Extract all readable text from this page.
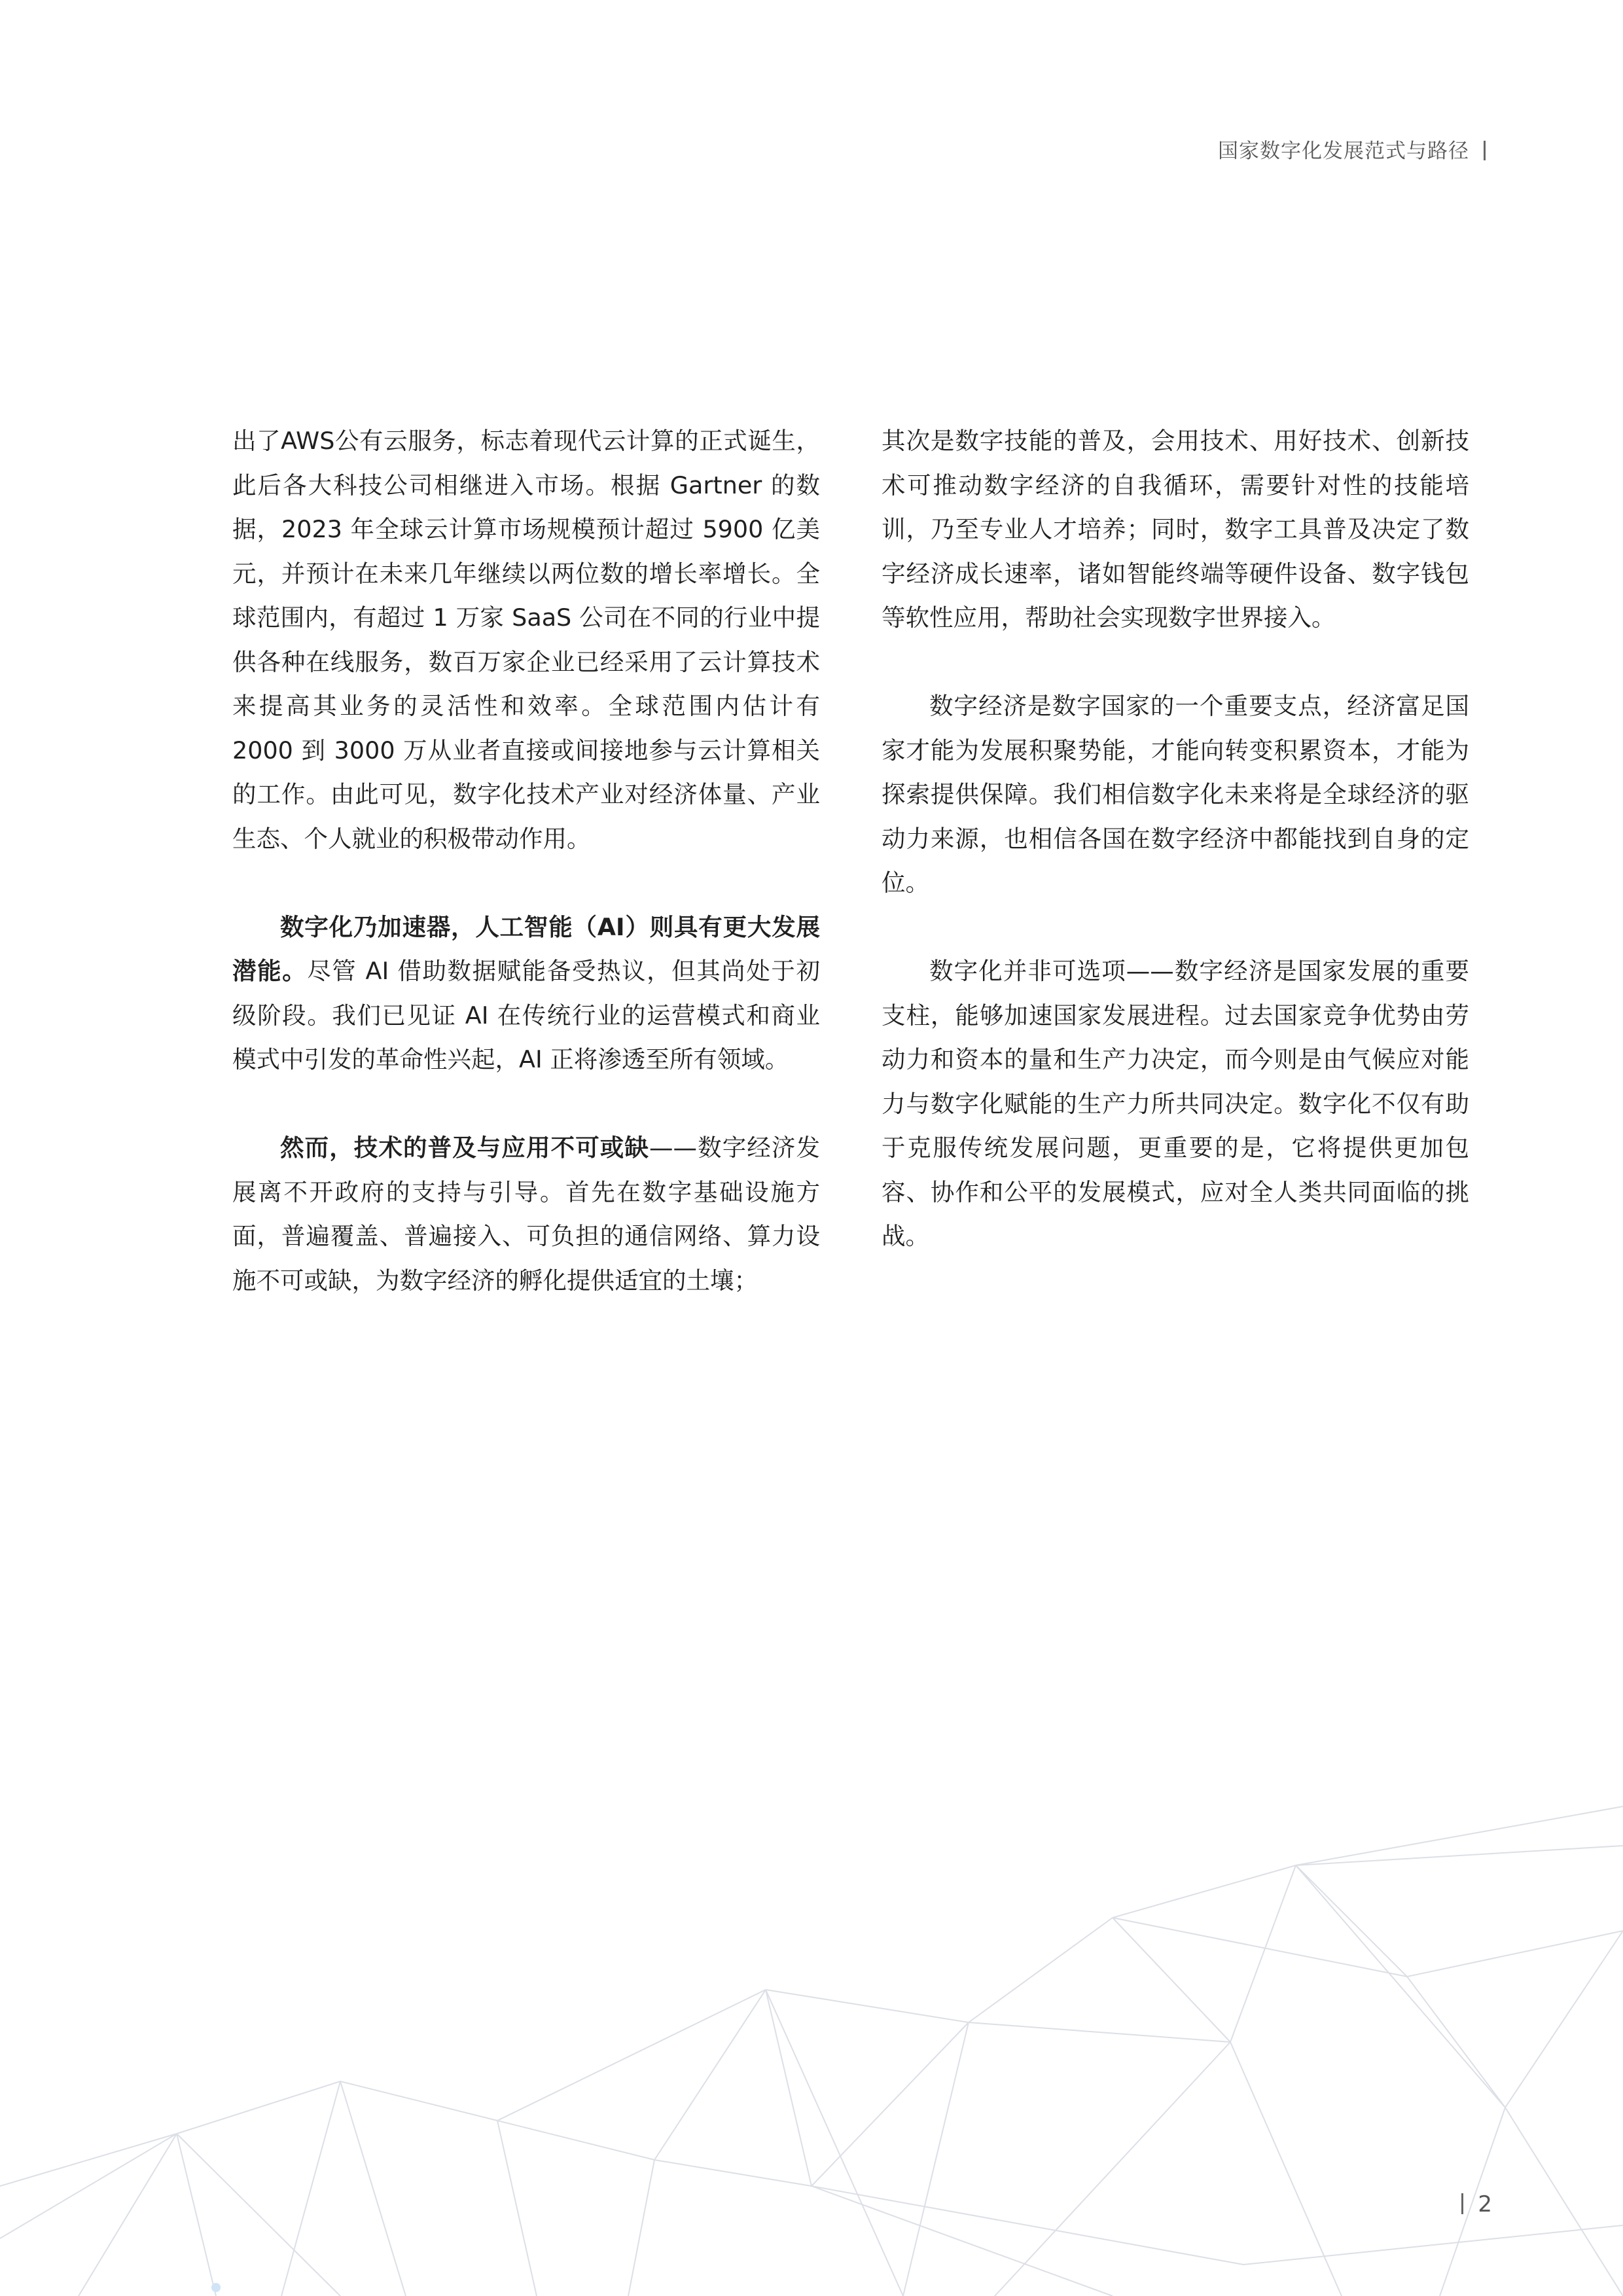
国家数字化发展范式与路径

出了AWS公有云服务，标志着现代云计算的正式诞生，此后各大科技公司相继进入市场。根据 Gartner 的数据，2023 年全球云计算市场规模预计超过 5900 亿美元，并预计在未来几年继续以两位数的增长率增长。全球范围内，有超过 1 万家 SaaS 公司在不同的行业中提供各种在线服务，数百万家企业已经采用了云计算技术来提高其业务的灵活性和效率。全球范围内估计有 2000 到 3000 万从业者直接或间接地参与云计算相关的工作。由此可见，数字化技术产业对经济体量、产业生态、个人就业的积极带动作用。

数字化乃加速器，人工智能（AI）则具有更大发展潜能。尽管 AI 借助数据赋能备受热议，但其尚处于初级阶段。我们已见证 AI 在传统行业的运营模式和商业模式中引发的革命性兴起，AI 正将渗透至所有领域。

然而，技术的普及与应用不可或缺——数字经济发展离不开政府的支持与引导。首先在数字基础设施方面，普遍覆盖、普遍接入、可负担的通信网络、算力设施不可或缺，为数字经济的孵化提供适宜的土壤；

其次是数字技能的普及，会用技术、用好技术、创新技术可推动数字经济的自我循环，需要针对性的技能培训，乃至专业人才培养；同时，数字工具普及决定了数字经济成长速率，诸如智能终端等硬件设备、数字钱包等软性应用，帮助社会实现数字世界接入。

数字经济是数字国家的一个重要支点，经济富足国家才能为发展积聚势能，才能向转变积累资本，才能为探索提供保障。我们相信数字化未来将是全球经济的驱动力来源，也相信各国在数字经济中都能找到自身的定位。

数字化并非可选项——数字经济是国家发展的重要支柱，能够加速国家发展进程。过去国家竞争优势由劳动力和资本的量和生产力决定，而今则是由气候应对能力与数字化赋能的生产力所共同决定。数字化不仅有助于克服传统发展问题，更重要的是，它将提供更加包容、协作和公平的发展模式，应对全人类共同面临的挑战。

2
